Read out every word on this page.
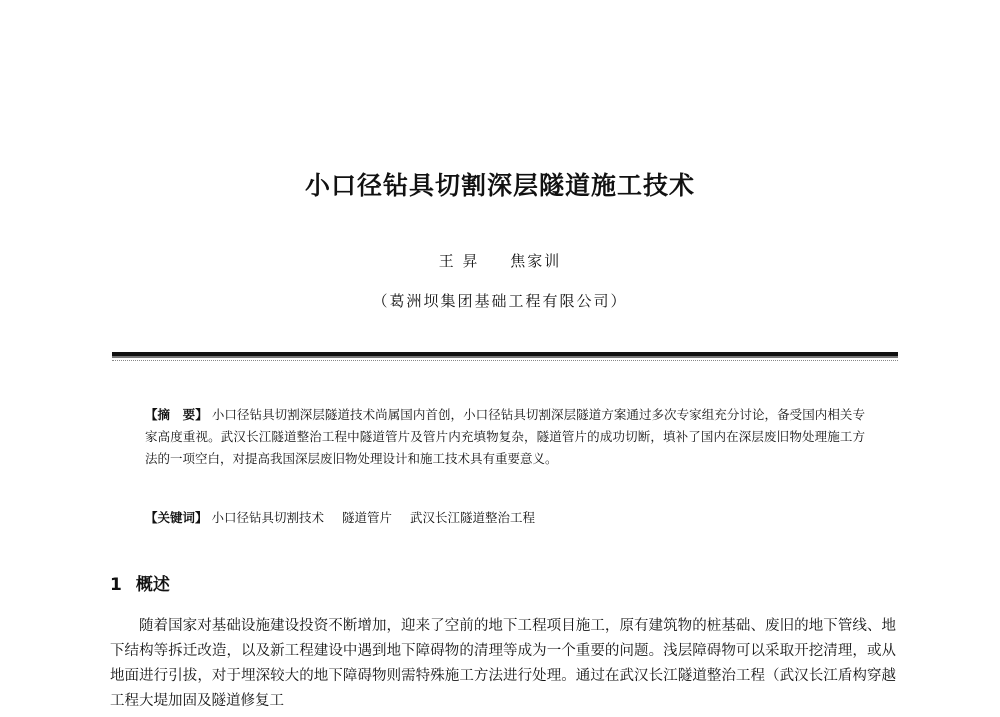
小口径钻具切割深层隧道施工技术
王 昇 焦家训
（葛洲坝集团基础工程有限公司）
【摘　要】 小口径钻具切割深层隧道技术尚属国内首创，小口径钻具切割深层隧道方案通过多次专家组充分讨论，备受国内相关专家高度重视。武汉长江隧道整治工程中隧道管片及管片内充填物复杂，隧道管片的成功切断，填补了国内在深层废旧物处理施工方法的一项空白，对提高我国深层废旧物处理设计和施工技术具有重要意义。
【关键词】 小口径钻具切割技术 隧道管片 武汉长江隧道整治工程
1 概述

随着国家对基础设施建设投资不断增加，迎来了空前的地下工程项目施工，原有建筑物的桩基础、废旧的地下管线、地下结构等拆迁改造，以及新工程建设中遇到地下障碍物的清理等成为一个重要的问题。浅层障碍物可以采取开挖清理，或从地面进行引拔，对于埋深较大的地下障碍物则需特殊施工方法进行处理。通过在武汉长江隧道整治工程（武汉长江盾构穿越工程大堤加固及隧道修复工
